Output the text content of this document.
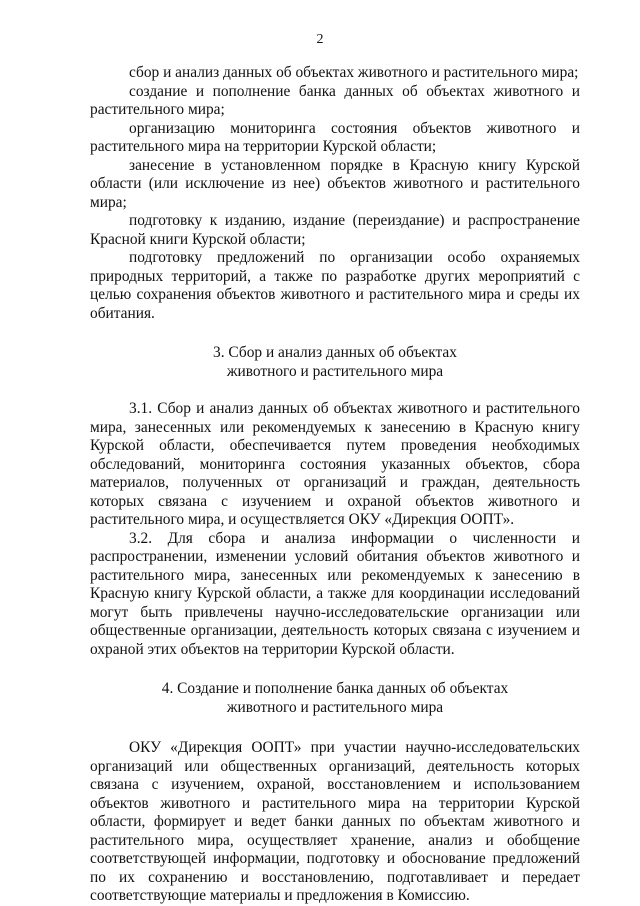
2

сбор и анализ данных об объектах животного и растительного мира;

создание и пополнение банка данных об объектах животного и растительного мира;

организацию мониторинга состояния объектов животного и растительного мира на территории Курской области;

занесение в установленном порядке в Красную книгу Курской области (или исключение из нее) объектов животного и растительного мира;

подготовку к изданию, издание (переиздание) и распространение Красной книги Курской области;

подготовку предложений по организации особо охраняемых природных территорий, а также по разработке других мероприятий с целью сохранения объектов животного и растительного мира и среды их обитания.

3. Сбор и анализ данных об объектах
животного и растительного мира

3.1. Сбор и анализ данных об объектах животного и растительного мира, занесенных или рекомендуемых к занесению в Красную книгу Курской области, обеспечивается путем проведения необходимых обследований, мониторинга состояния указанных объектов, сбора материалов, полученных от организаций и граждан, деятельность которых связана с изучением и охраной объектов животного и растительного мира, и осуществляется ОКУ «Дирекция ООПТ».

3.2. Для сбора и анализа информации о численности и распространении, изменении условий обитания объектов животного и растительного мира, занесенных или рекомендуемых к занесению в Красную книгу Курской области, а также для координации исследований могут быть привлечены научно-исследовательские организации или общественные организации, деятельность которых связана с изучением и охраной этих объектов на территории Курской области.

4. Создание и пополнение банка данных об объектах
животного и растительного мира

ОКУ «Дирекция ООПТ» при участии научно-исследовательских организаций или общественных организаций, деятельность которых связана с изучением, охраной, восстановлением и использованием объектов животного и растительного мира на территории Курской области, формирует и ведет банки данных по объектам животного и растительного мира, осуществляет хранение, анализ и обобщение соответствующей информации, подготовку и обоснование предложений по их сохранению и восстановлению, подготавливает и передает соответствующие материалы и предложения в Комиссию.
